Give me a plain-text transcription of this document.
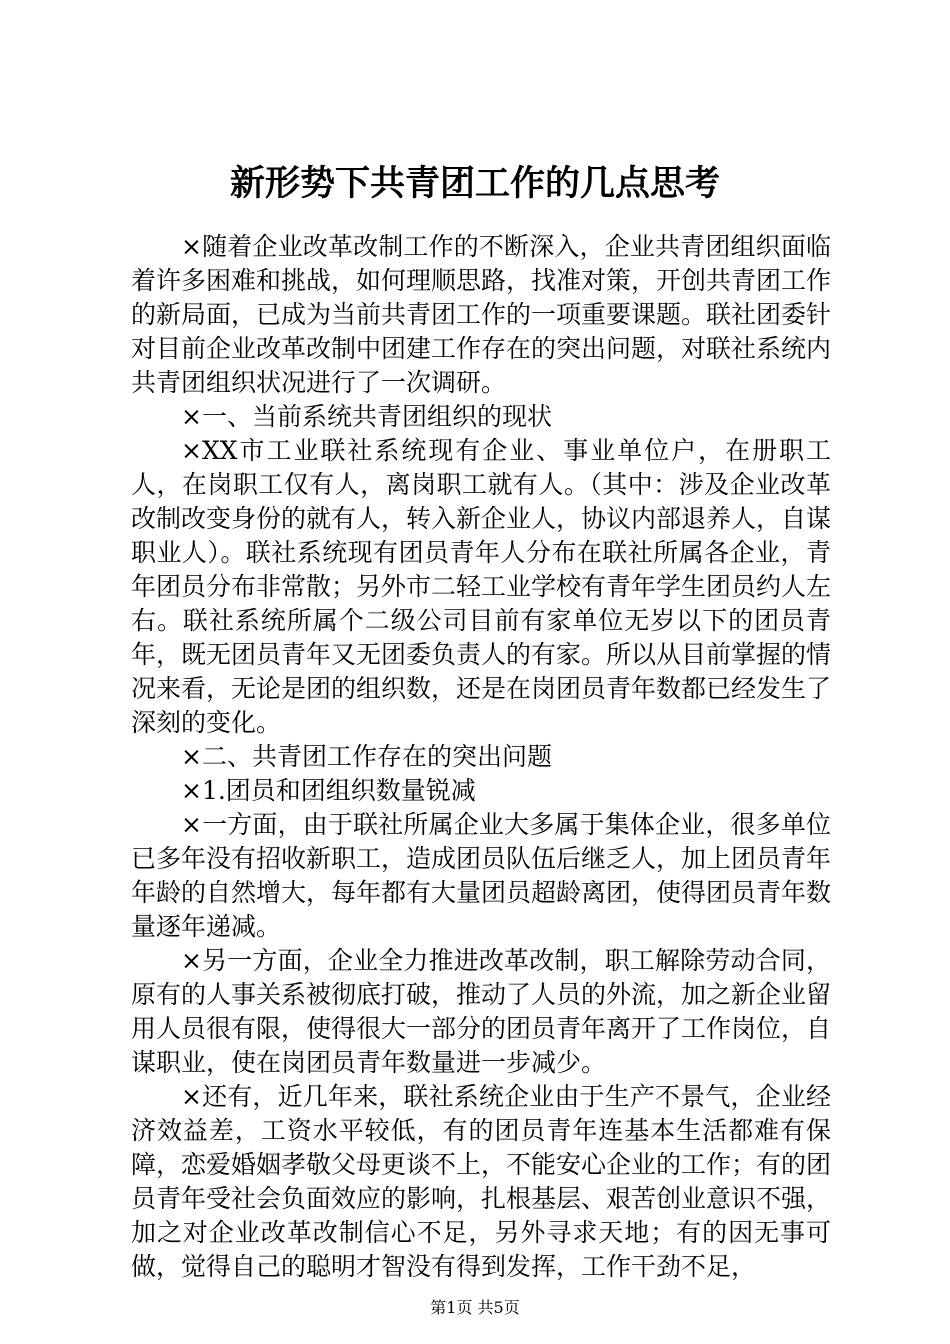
新形势下共青团工作的几点思考

×随着企业改革改制工作的不断深入，企业共青团组织面临着许多困难和挑战，如何理顺思路，找准对策，开创共青团工作的新局面，已成为当前共青团工作的一项重要课题。联社团委针对目前企业改革改制中团建工作存在的突出问题，对联社系统内共青团组织状况进行了一次调研。

×一、当前系统共青团组织的现状

×XX市工业联社系统现有企业、事业单位户，在册职工人，在岗职工仅有人，离岗职工就有人。（其中：涉及企业改革改制改变身份的就有人，转入新企业人，协议内部退养人，自谋职业人）。联社系统现有团员青年人分布在联社所属各企业，青年团员分布非常散；另外市二轻工业学校有青年学生团员约人左右。联社系统所属个二级公司目前有家单位无岁以下的团员青年，既无团员青年又无团委负责人的有家。所以从目前掌握的情况来看，无论是团的组织数，还是在岗团员青年数都已经发生了深刻的变化。

×二、共青团工作存在的突出问题

×1.团员和团组织数量锐减

×一方面，由于联社所属企业大多属于集体企业，很多单位已多年没有招收新职工，造成团员队伍后继乏人，加上团员青年年龄的自然增大，每年都有大量团员超龄离团，使得团员青年数量逐年递减。

×另一方面，企业全力推进改革改制，职工解除劳动合同，原有的人事关系被彻底打破，推动了人员的外流，加之新企业留用人员很有限，使得很大一部分的团员青年离开了工作岗位，自谋职业，使在岗团员青年数量进一步减少。

×还有，近几年来，联社系统企业由于生产不景气，企业经济效益差，工资水平较低，有的团员青年连基本生活都难有保障，恋爱婚姻孝敬父母更谈不上，不能安心企业的工作；有的团员青年受社会负面效应的影响，扎根基层、艰苦创业意识不强，加之对企业改革改制信心不足，另外寻求天地；有的因无事可做，觉得自己的聪明才智没有得到发挥，工作干劲不足，

第1页 共5页
